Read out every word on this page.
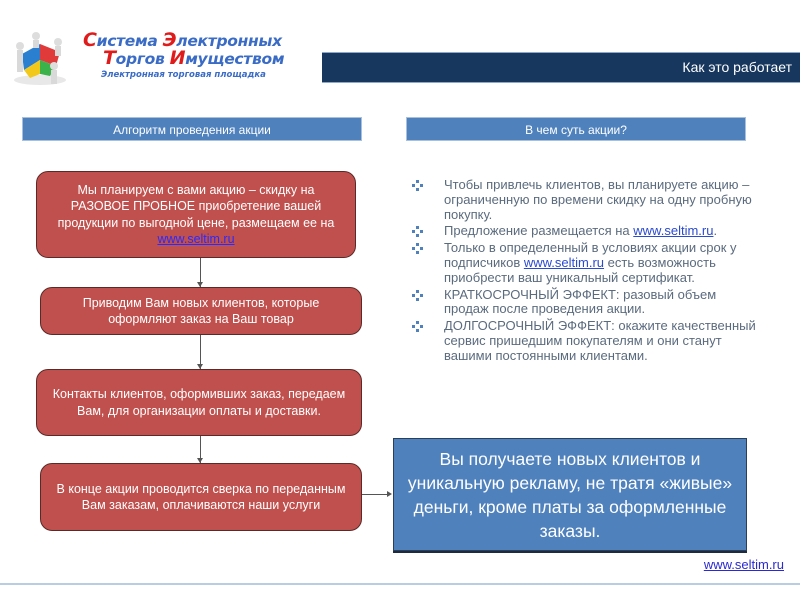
Система Электронных
Торгов Имуществом
Электронная торговая площадка	Как это работает
Алгоритм проведения акции	В чем суть акции?
Мы планируем с вами акцию – скидку на РАЗОВОЕ ПРОБНОЕ приобретение вашей продукции по выгодной цене, размещаем ее на www.seltim.ru
Приводим Вам новых клиентов, которые оформляют заказ на Ваш товар
Контакты клиентов, оформивших заказ, передаем Вам, для организации оплаты и доставки.
В конце акции проводится сверка по переданным Вам заказам, оплачиваются наши услуги
Чтобы привлечь клиентов, вы планируете акцию – ограниченную по времени скидку на одну пробную покупку.
Предложение размещается на www.seltim.ru.
Только в определенный в условиях акции срок у подписчиков www.seltim.ru есть возможность приобрести ваш уникальный сертификат.
КРАТКОСРОЧНЫЙ ЭФФЕКТ: разовый объем продаж после проведения акции.
ДОЛГОСРОЧНЫЙ ЭФФЕКТ: окажите качественный сервис пришедшим покупателям и они станут вашими постоянными клиентами.
Вы получаете новых клиентов и уникальную рекламу, не тратя «живые» деньги, кроме платы за оформленные заказы.
www.seltim.ru
